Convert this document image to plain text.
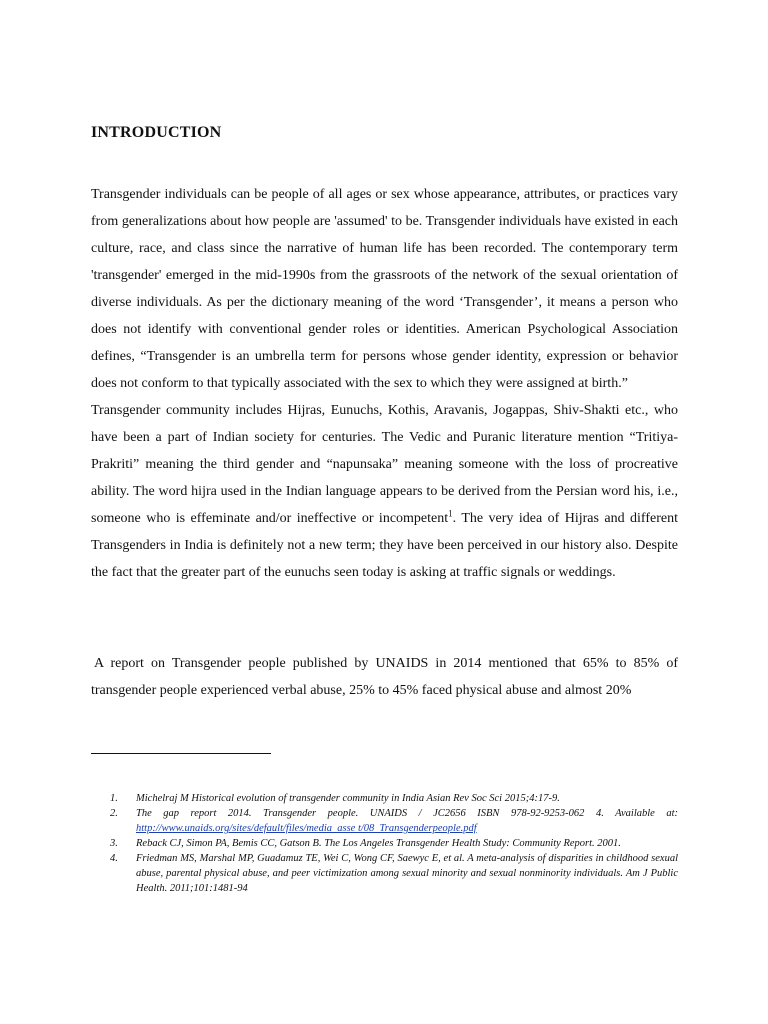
INTRODUCTION

Transgender individuals can be people of all ages or sex whose appearance, attributes, or practices vary from generalizations about how people are 'assumed' to be. Transgender individuals have existed in each culture, race, and class since the narrative of human life has been recorded. The contemporary term 'transgender' emerged in the mid-1990s from the grassroots of the network of the sexual orientation of diverse individuals. As per the dictionary meaning of the word ‘Transgender’, it means a person who does not identify with conventional gender roles or identities. American Psychological Association defines, “Transgender is an umbrella term for persons whose gender identity, expression or behavior does not conform to that typically associated with the sex to which they were assigned at birth.”

Transgender community includes Hijras, Eunuchs, Kothis, Aravanis, Jogappas, Shiv-Shakti etc., who have been a part of Indian society for centuries. The Vedic and Puranic literature mention “Tritiya-Prakriti” meaning the third gender and “napunsaka” meaning someone with the loss of procreative ability. The word hijra used in the Indian language appears to be derived from the Persian word his, i.e., someone who is effeminate and/or ineffective or incompetent$^1$. The very idea of Hijras and different Transgenders in India is definitely not a new term; they have been perceived in our history also. Despite the fact that the greater part of the eunuchs seen today is asking at traffic signals or weddings.

A report on Transgender people published by UNAIDS in 2014 mentioned that 65% to 85% of transgender people experienced verbal abuse, 25% to 45% faced physical abuse and almost 20%

1. Michelraj M Historical evolution of transgender community in India Asian Rev Soc Sci 2015;4:17-9.
2. The gap report 2014. Transgender people. UNAIDS / JC2656 ISBN 978-92-9253-062 4. Available at: http://www.unaids.org/sites/default/files/media_asse t/08_Transgenderpeople.pdf
3. Reback CJ, Simon PA, Bemis CC, Gatson B. The Los Angeles Transgender Health Study: Community Report. 2001.
4. Friedman MS, Marshal MP, Guadamuz TE, Wei C, Wong CF, Saewyc E, et al. A meta-analysis of disparities in childhood sexual abuse, parental physical abuse, and peer victimization among sexual minority and sexual nonminority individuals. Am J Public Health. 2011;101:1481-94
